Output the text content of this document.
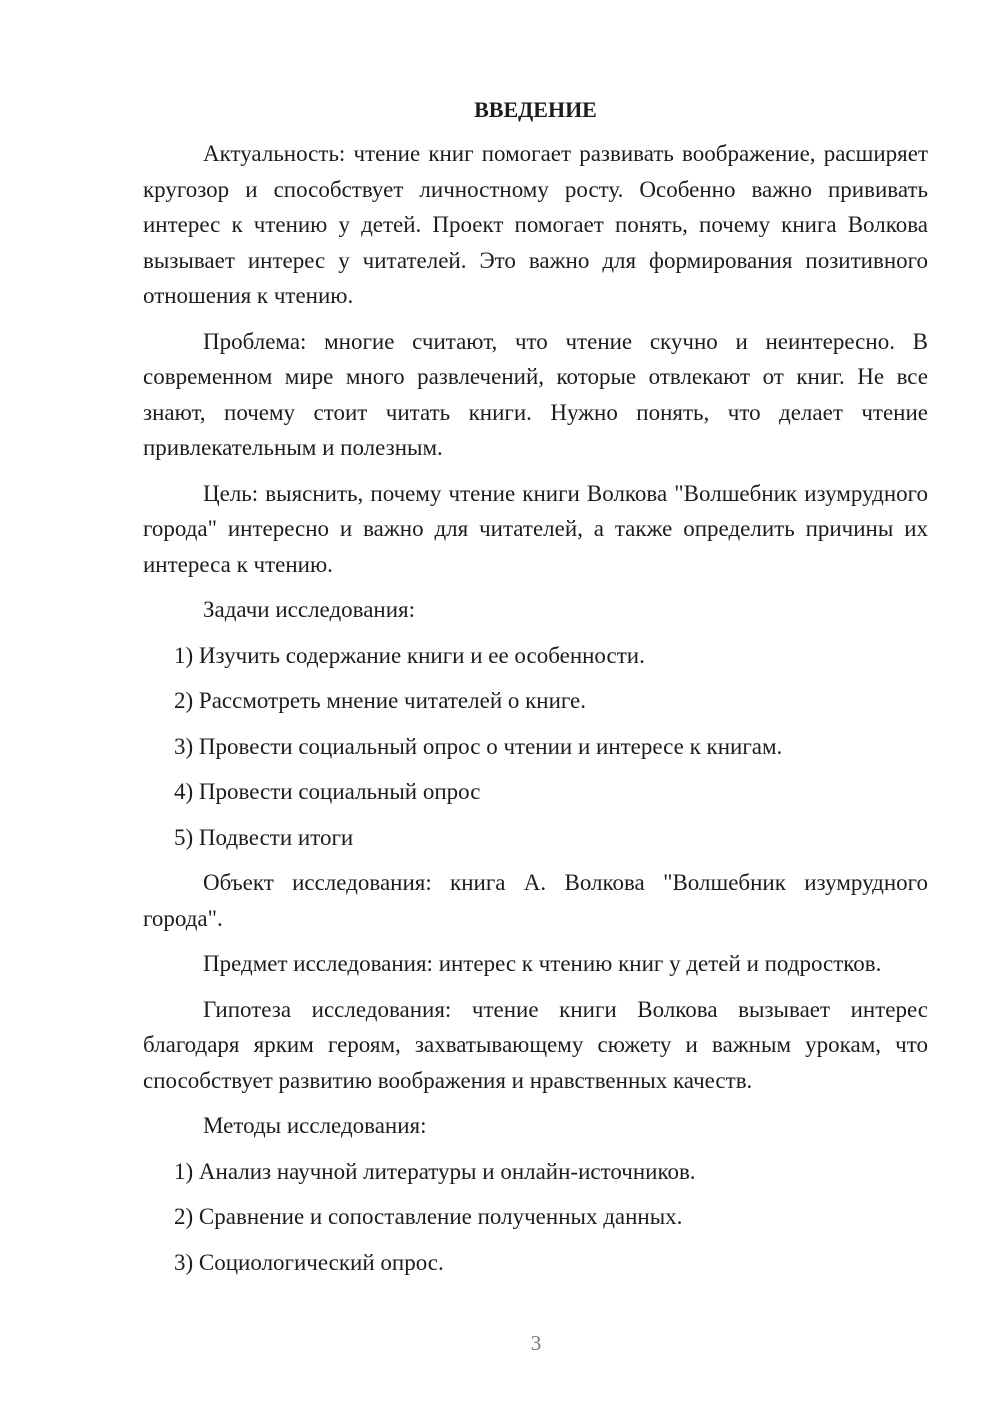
ВВЕДЕНИЕ

Актуальность: чтение книг помогает развивать воображение, расширяет кругозор и способствует личностному росту. Особенно важно прививать интерес к чтению у детей. Проект помогает понять, почему книга Волкова вызывает интерес у читателей. Это важно для формирования позитивного отношения к чтению.

Проблема: многие считают, что чтение скучно и неинтересно. В современном мире много развлечений, которые отвлекают от книг. Не все знают, почему стоит читать книги. Нужно понять, что делает чтение привлекательным и полезным.

Цель: выяснить, почему чтение книги Волкова "Волшебник изумрудного города" интересно и важно для читателей, а также определить причины их интереса к чтению.

Задачи исследования:
1) Изучить содержание книги и ее особенности.
2) Рассмотреть мнение читателей о книге.
3) Провести социальный опрос о чтении и интересе к книгам.
4) Провести социальный опрос
5) Подвести итоги

Объект исследования: книга А. Волкова "Волшебник изумрудного города".

Предмет исследования: интерес к чтению книг у детей и подростков.

Гипотеза исследования: чтение книги Волкова вызывает интерес благодаря ярким героям, захватывающему сюжету и важным урокам, что способствует развитию воображения и нравственных качеств.

Методы исследования:
1) Анализ научной литературы и онлайн-источников.
2) Сравнение и сопоставление полученных данных.
3) Социологический опрос.
3
